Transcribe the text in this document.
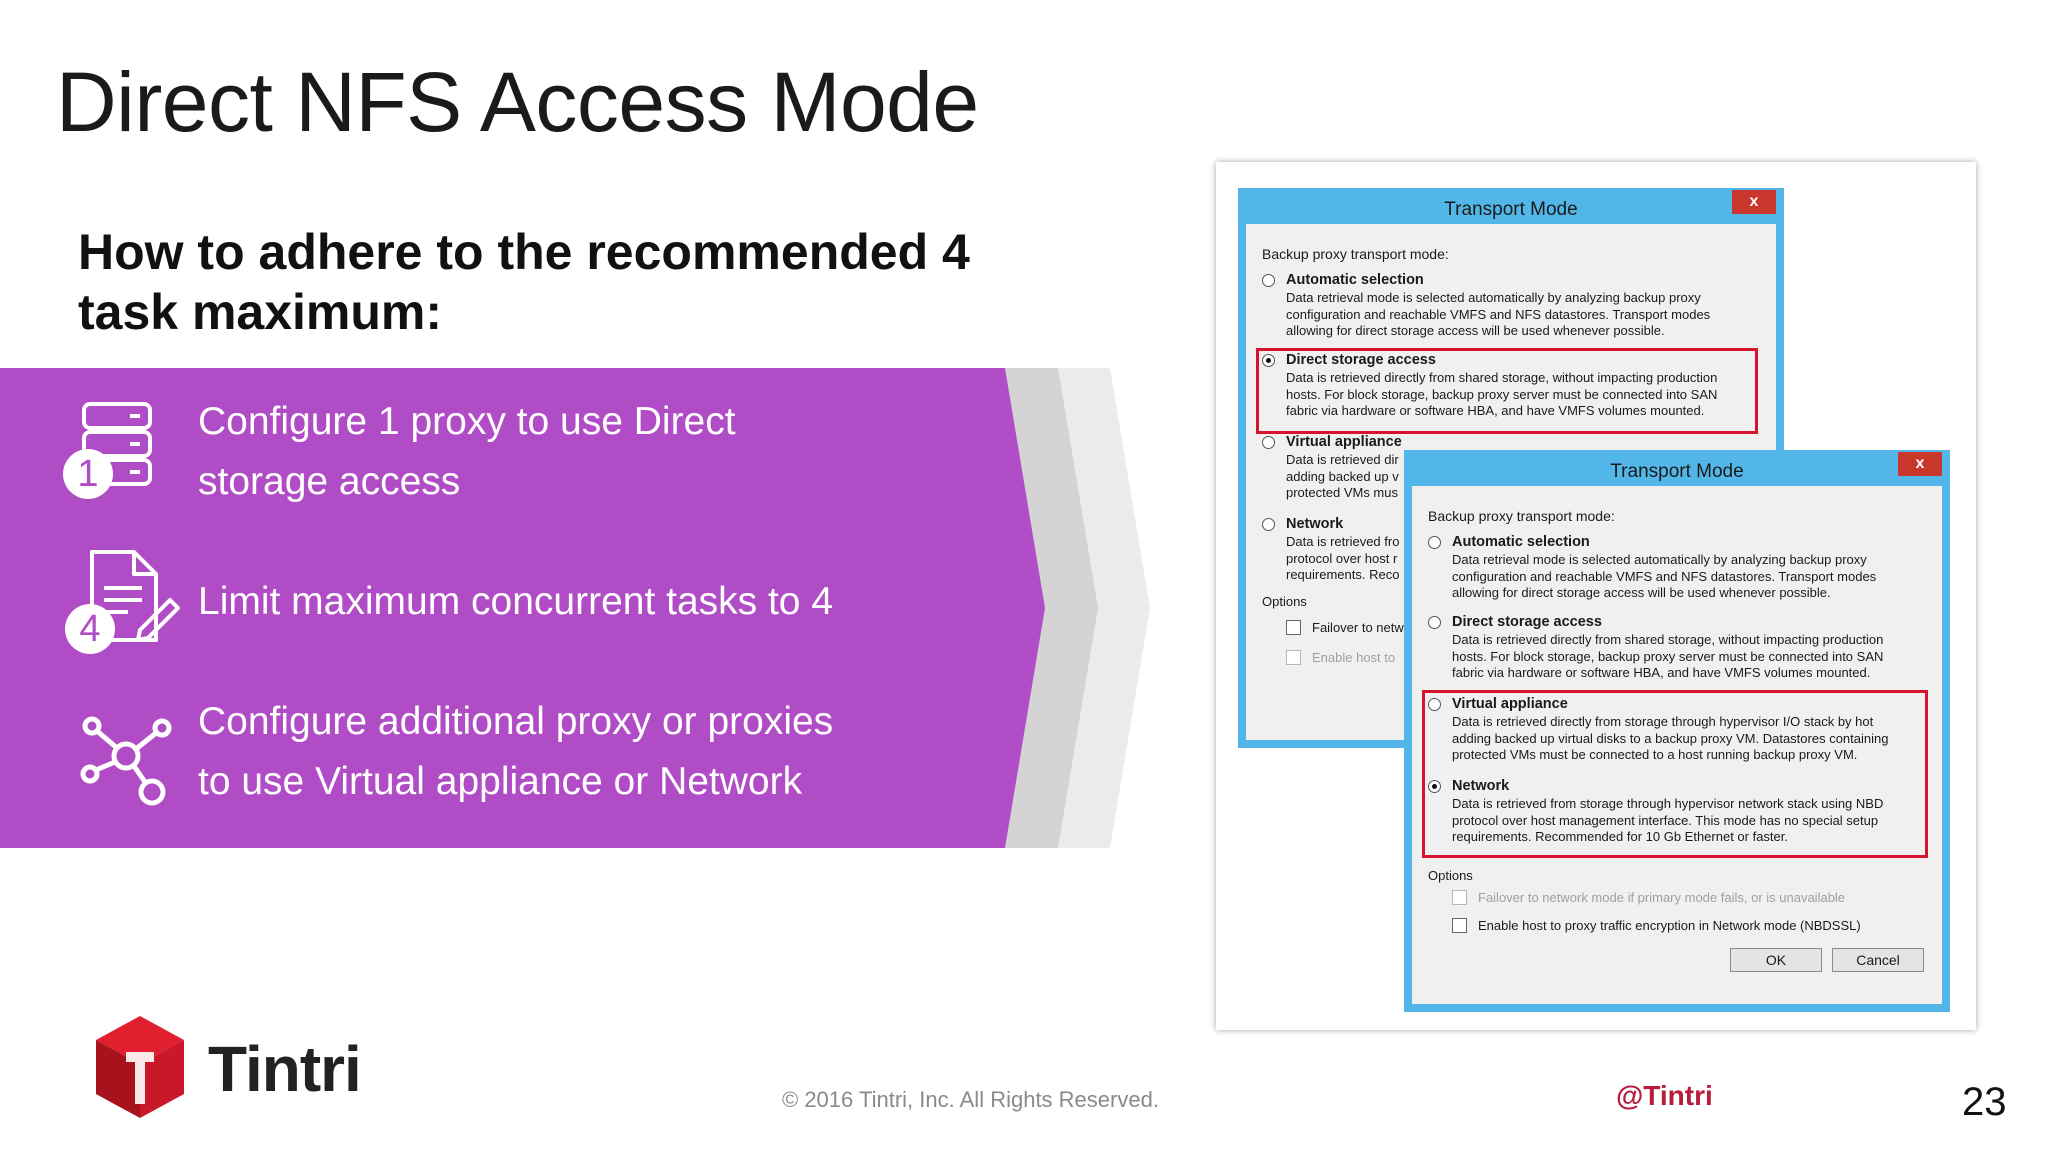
Direct NFS Access Mode
How to adhere to the recommended 4 task maximum:
1
Configure 1 proxy to use Direct
storage access
4
Limit maximum concurrent tasks to 4
Configure additional proxy or proxies
to use Virtual appliance or Network
Transport Mode	x
Backup proxy transport mode:
Automatic selection
Data retrieval mode is selected automatically by analyzing backup proxy
configuration and reachable VMFS and NFS datastores. Transport modes
allowing for direct storage access will be used whenever possible.
Direct storage access
Data is retrieved directly from shared storage, without impacting production
hosts. For block storage, backup proxy server must be connected into SAN
fabric via hardware or software HBA, and have VMFS volumes mounted.
Virtual appliance
Data is retrieved dir
adding backed up v
protected VMs mus
Network
Data is retrieved fro
protocol over host r
requirements. Reco
Options
Failover to netw
Enable host to
Transport Mode	x
Backup proxy transport mode:
Automatic selection
Data retrieval mode is selected automatically by analyzing backup proxy
configuration and reachable VMFS and NFS datastores. Transport modes
allowing for direct storage access will be used whenever possible.
Direct storage access
Data is retrieved directly from shared storage, without impacting production
hosts. For block storage, backup proxy server must be connected into SAN
fabric via hardware or software HBA, and have VMFS volumes mounted.
Virtual appliance
Data is retrieved directly from storage through hypervisor I/O stack by hot
adding backed up virtual disks to a backup proxy VM. Datastores containing
protected VMs must be connected to a host running backup proxy VM.
Network
Data is retrieved from storage through hypervisor network stack using NBD
protocol over host management interface. This mode has no special setup
requirements. Recommended for 10 Gb Ethernet or faster.
Options
Failover to network mode if primary mode fails, or is unavailable
Enable host to proxy traffic encryption in Network mode (NBDSSL)
OK	Cancel
Tintri	© 2016 Tintri, Inc. All Rights Reserved.	@Tintri	23
